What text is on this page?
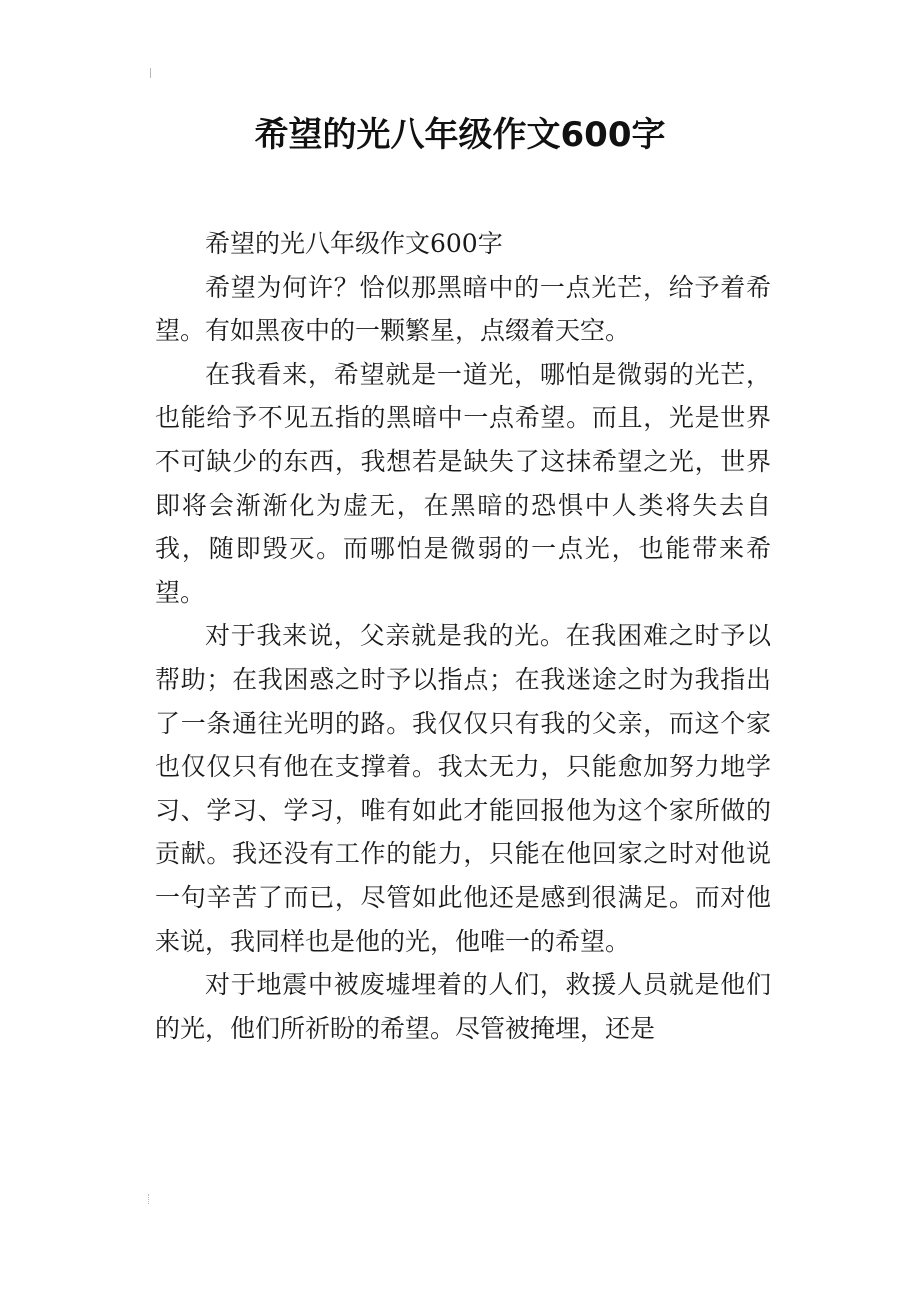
希望的光八年级作文600字

希望的光八年级作文600字

希望为何许？恰似那黑暗中的一点光芒，给予着希望。有如黑夜中的一颗繁星，点缀着天空。

在我看来，希望就是一道光，哪怕是微弱的光芒，也能给予不见五指的黑暗中一点希望。而且，光是世界不可缺少的东西，我想若是缺失了这抹希望之光，世界即将会渐渐化为虚无，在黑暗的恐惧中人类将失去自我，随即毁灭。而哪怕是微弱的一点光，也能带来希望。

对于我来说，父亲就是我的光。在我困难之时予以帮助；在我困惑之时予以指点；在我迷途之时为我指出了一条通往光明的路。我仅仅只有我的父亲，而这个家也仅仅只有他在支撑着。我太无力，只能愈加努力地学习、学习、学习，唯有如此才能回报他为这个家所做的贡献。我还没有工作的能力，只能在他回家之时对他说一句辛苦了而已，尽管如此他还是感到很满足。而对他来说，我同样也是他的光，他唯一的希望。

对于地震中被废墟埋着的人们，救援人员就是他们的光，他们所祈盼的希望。尽管被掩埋，还是
